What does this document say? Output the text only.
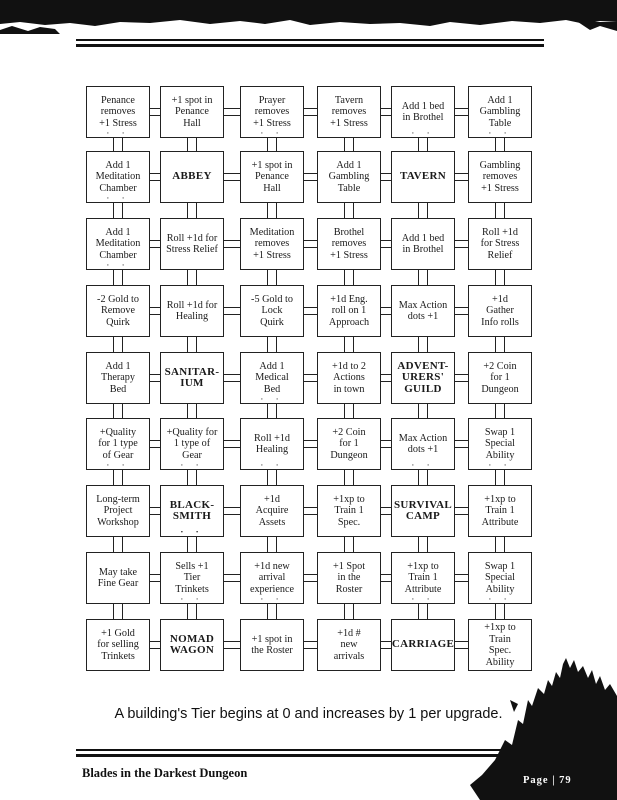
Penance
removes
+1 Stress
· ·
+1 spot in
Penance
Hall
Prayer
removes
+1 Stress
· ·
Tavern
removes
+1 Stress
Add 1 bed
in Brothel
· ·
Add 1
Gambling
Table
· ·
Add 1
Meditation
Chamber
· ·
ABBEY
+1 spot in
Penance
Hall
Add 1
Gambling
Table
TAVERN
Gambling
removes
+1 Stress
Add 1
Meditation
Chamber
· ·
Roll +1d for
Stress Relief
Meditation
removes
+1 Stress
Brothel
removes
+1 Stress
Add 1 bed
in Brothel
Roll +1d
for Stress
Relief
-2 Gold to
Remove
Quirk
Roll +1d for
Healing
-5 Gold to
Lock
Quirk
+1d Eng.
roll on 1
Approach
Max Action
dots +1
+1d
Gather
Info rolls
Add 1
Therapy
Bed
SANITAR-
IUM
Add 1
Medical
Bed
· ·
+1d to 2
Actions
in town
ADVENT-
URERS'
GUILD
+2 Coin
for 1
Dungeon
+Quality
for 1 type
of Gear
· ·
+Quality for
1 type of
Gear
· ·
Roll +1d
Healing
· ·
+2 Coin
for 1
Dungeon
Max Action
dots +1
· ·
Swap 1
Special
Ability
· ·
Long-term
Project
Workshop
BLACK-
SMITH
· ·
+1d
Acquire
Assets
+1xp to
Train 1
Spec.
SURVIVAL
CAMP
+1xp to
Train 1
Attribute
May take
Fine Gear
Sells +1
Tier
Trinkets
· ·
+1d new
arrival
experience
· ·
+1 Spot
in the
Roster
+1xp to
Train 1
Attribute
· ·
Swap 1
Special
Ability
· ·
+1 Gold
for selling
Trinkets
NOMAD
WAGON
+1 spot in
the Roster
+1d #
new
arrivals
CARRIAGE
+1xp to
Train
Spec.
Ability
A building's Tier begins at 0 and increases by 1 per upgrade.
Blades in the Darkest Dungeon
Page | 79
